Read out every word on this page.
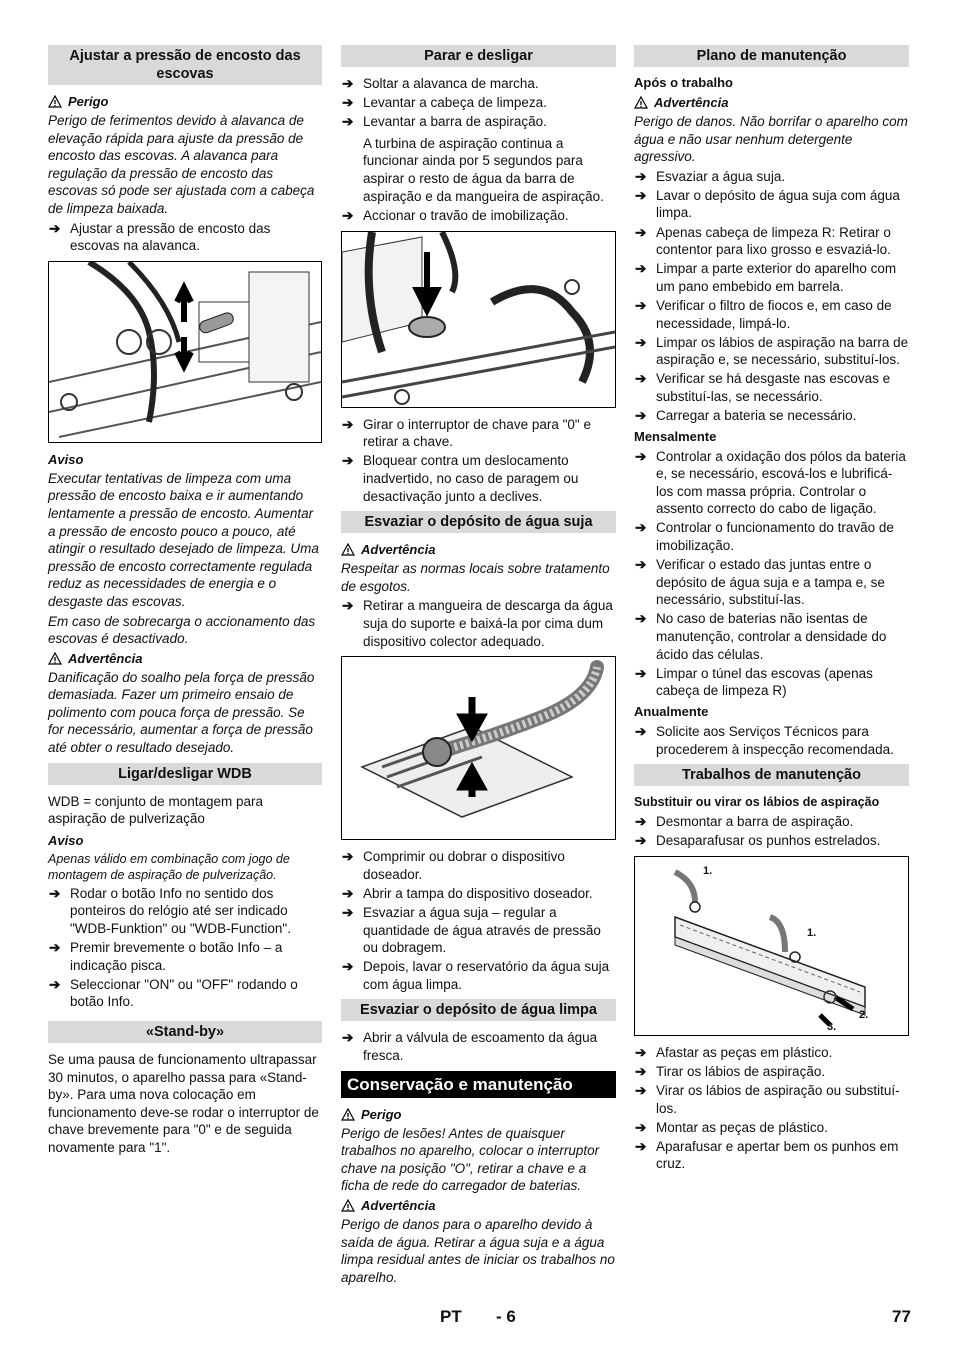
Ajustar a pressão de encosto das escovas
Perigo
Perigo de ferimentos devido à alavanca de elevação rápida para ajuste da pressão de encosto das escovas. A alavanca para regulação da pressão de encosto das escovas só pode ser ajustada com a cabeça de limpeza baixada.
➔ Ajustar a pressão de encosto das escovas na alavanca.
Aviso
Executar tentativas de limpeza com uma pressão de encosto baixa e ir aumentando lentamente a pressão de encosto. Aumentar a pressão de encosto pouco a pouco, até atingir o resultado desejado de limpeza. Uma pressão de encosto correctamente regulada reduz as necessidades de energia e o desgaste das escovas.
Em caso de sobrecarga o accionamento das escovas é desactivado.
Advertência
Danificação do soalho pela força de pressão demasiada. Fazer um primeiro ensaio de polimento com pouca força de pressão. Se for necessário, aumentar a força de pressão até obter o resultado desejado.
Ligar/desligar WDB
WDB = conjunto de montagem para aspiração de pulverização
Aviso
Apenas válido em combinação com jogo de montagem de aspiração de pulverização.
➔ Rodar o botão Info no sentido dos ponteiros do relógio até ser indicado "WDB-Funktion" ou "WDB-Function".
➔ Premir brevemente o botão Info – a indicação pisca.
➔ Seleccionar "ON" ou "OFF" rodando o botão Info.
«Stand-by»
Se uma pausa de funcionamento ultrapassar 30 minutos, o aparelho passa para «Stand-by». Para uma nova colocação em funcionamento deve-se rodar o interruptor de chave brevemente para "0" e de seguida novamente para "1".
Parar e desligar
➔ Soltar a alavanca de marcha.
➔ Levantar a cabeça de limpeza.
➔ Levantar a barra de aspiração.
A turbina de aspiração continua a funcionar ainda por 5 segundos para aspirar o resto de água da barra de aspiração e da mangueira de aspiração.
➔ Accionar o travão de imobilização.
➔ Girar o interruptor de chave para "0" e retirar a chave.
➔ Bloquear contra um deslocamento inadvertido, no caso de paragem ou desactivação junto a declives.
Esvaziar o depósito de água suja
Advertência
Respeitar as normas locais sobre tratamento de esgotos.
➔ Retirar a mangueira de descarga da água suja do suporte e baixá-la por cima dum dispositivo colector adequado.
➔ Comprimir ou dobrar o dispositivo doseador.
➔ Abrir a tampa do dispositivo doseador.
➔ Esvaziar a água suja – regular a quantidade de água através de pressão ou dobragem.
➔ Depois, lavar o reservatório da água suja com água limpa.
Esvaziar o depósito de água limpa
➔ Abrir a válvula de escoamento da água fresca.
Conservação e manutenção
Perigo
Perigo de lesões! Antes de quaisquer trabalhos no aparelho, colocar o interruptor chave na posição "O", retirar a chave e a ficha de rede do carregador de baterias.
Advertência
Perigo de danos para o aparelho devido à saída de água. Retirar a água suja e a água limpa residual antes de iniciar os trabalhos no aparelho.
Plano de manutenção
Após o trabalho
Advertência
Perigo de danos. Não borrifar o aparelho com água e não usar nenhum detergente agressivo.
➔ Esvaziar a água suja.
➔ Lavar o depósito de água suja com água limpa.
➔ Apenas cabeça de limpeza R: Retirar o contentor para lixo grosso e esvaziá-lo.
➔ Limpar a parte exterior do aparelho com um pano embebido em barrela.
➔ Verificar o filtro de fiocos e, em caso de necessidade, limpá-lo.
➔ Limpar os lábios de aspiração na barra de aspiração e, se necessário, substituí-los.
➔ Verificar se há desgaste nas escovas e substituí-las, se necessário.
➔ Carregar a bateria se necessário.
Mensalmente
➔ Controlar a oxidação dos pólos da bateria e, se necessário, escová-los e lubrificá-los com massa própria. Controlar o assento correcto do cabo de ligação.
➔ Controlar o funcionamento do travão de imobilização.
➔ Verificar o estado das juntas entre o depósito de água suja e a tampa e, se necessário, substituí-las.
➔ No caso de baterias não isentas de manutenção, controlar a densidade do ácido das células.
➔ Limpar o túnel das escovas (apenas cabeça de limpeza R)
Anualmente
➔ Solicite aos Serviços Técnicos para procederem à inspecção recomendada.
Trabalhos de manutenção
Substituir ou virar os lábios de aspiração
➔ Desmontar a barra de aspiração.
➔ Desaparafusar os punhos estrelados.
1.
1.
2.
3.
➔ Afastar as peças em plástico.
➔ Tirar os lábios de aspiração.
➔ Virar os lábios de aspiração ou substituí-los.
➔ Montar as peças de plástico.
➔ Aparafusar e apertar bem os punhos em cruz.
PT - 6	77
